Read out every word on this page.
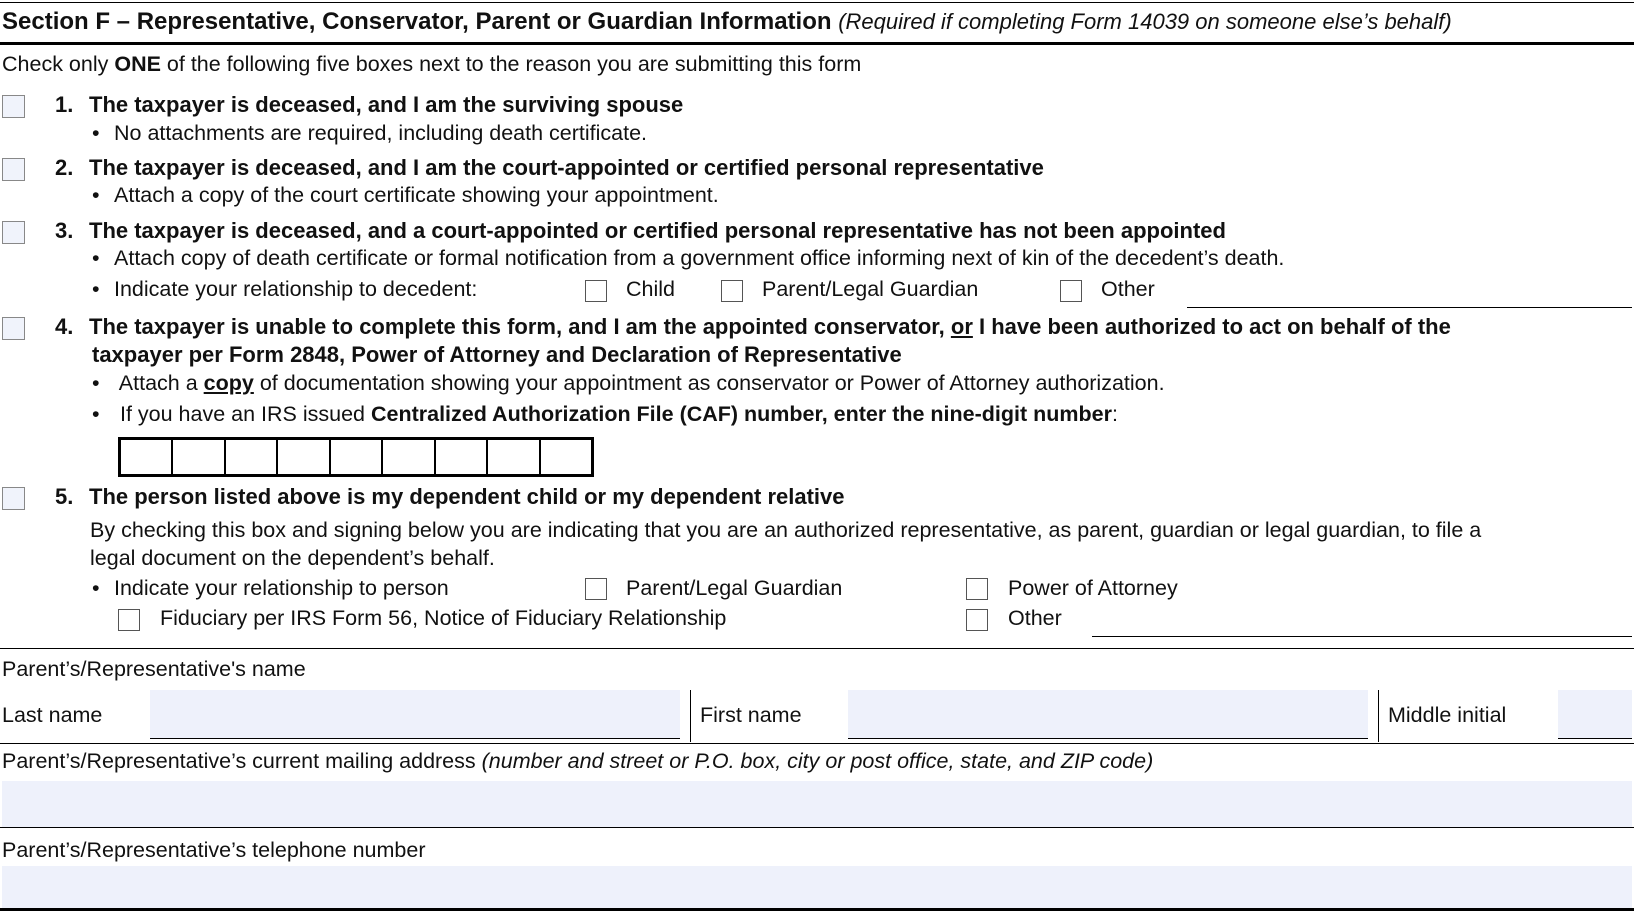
Section F – Representative, Conservator, Parent or Guardian Information (Required if completing Form 14039 on someone else’s behalf)
Check only ONE of the following five boxes next to the reason you are submitting this form
1. The taxpayer is deceased, and I am the surviving spouse
• No attachments are required, including death certificate.
2. The taxpayer is deceased, and I am the court-appointed or certified personal representative
• Attach a copy of the court certificate showing your appointment.
3. The taxpayer is deceased, and a court-appointed or certified personal representative has not been appointed
• Attach copy of death certificate or formal notification from a government office informing next of kin of the decedent’s death.
• Indicate your relationship to decedent:	Child	Parent/Legal Guardian	Other
4. The taxpayer is unable to complete this form, and I am the appointed conservator, or I have been authorized to act on behalf of the
taxpayer per Form 2848, Power of Attorney and Declaration of Representative
• Attach a copy of documentation showing your appointment as conservator or Power of Attorney authorization.
• If you have an IRS issued Centralized Authorization File (CAF) number, enter the nine-digit number:
5. The person listed above is my dependent child or my dependent relative
By checking this box and signing below you are indicating that you are an authorized representative, as parent, guardian or legal guardian, to file a
legal document on the dependent’s behalf.
• Indicate your relationship to person	Parent/Legal Guardian	Power of Attorney
Fiduciary per IRS Form 56, Notice of Fiduciary Relationship	Other
Parent’s/Representative's name
Last name	First name	Middle initial
Parent’s/Representative’s current mailing address (number and street or P.O. box, city or post office, state, and ZIP code)
Parent’s/Representative’s telephone number
